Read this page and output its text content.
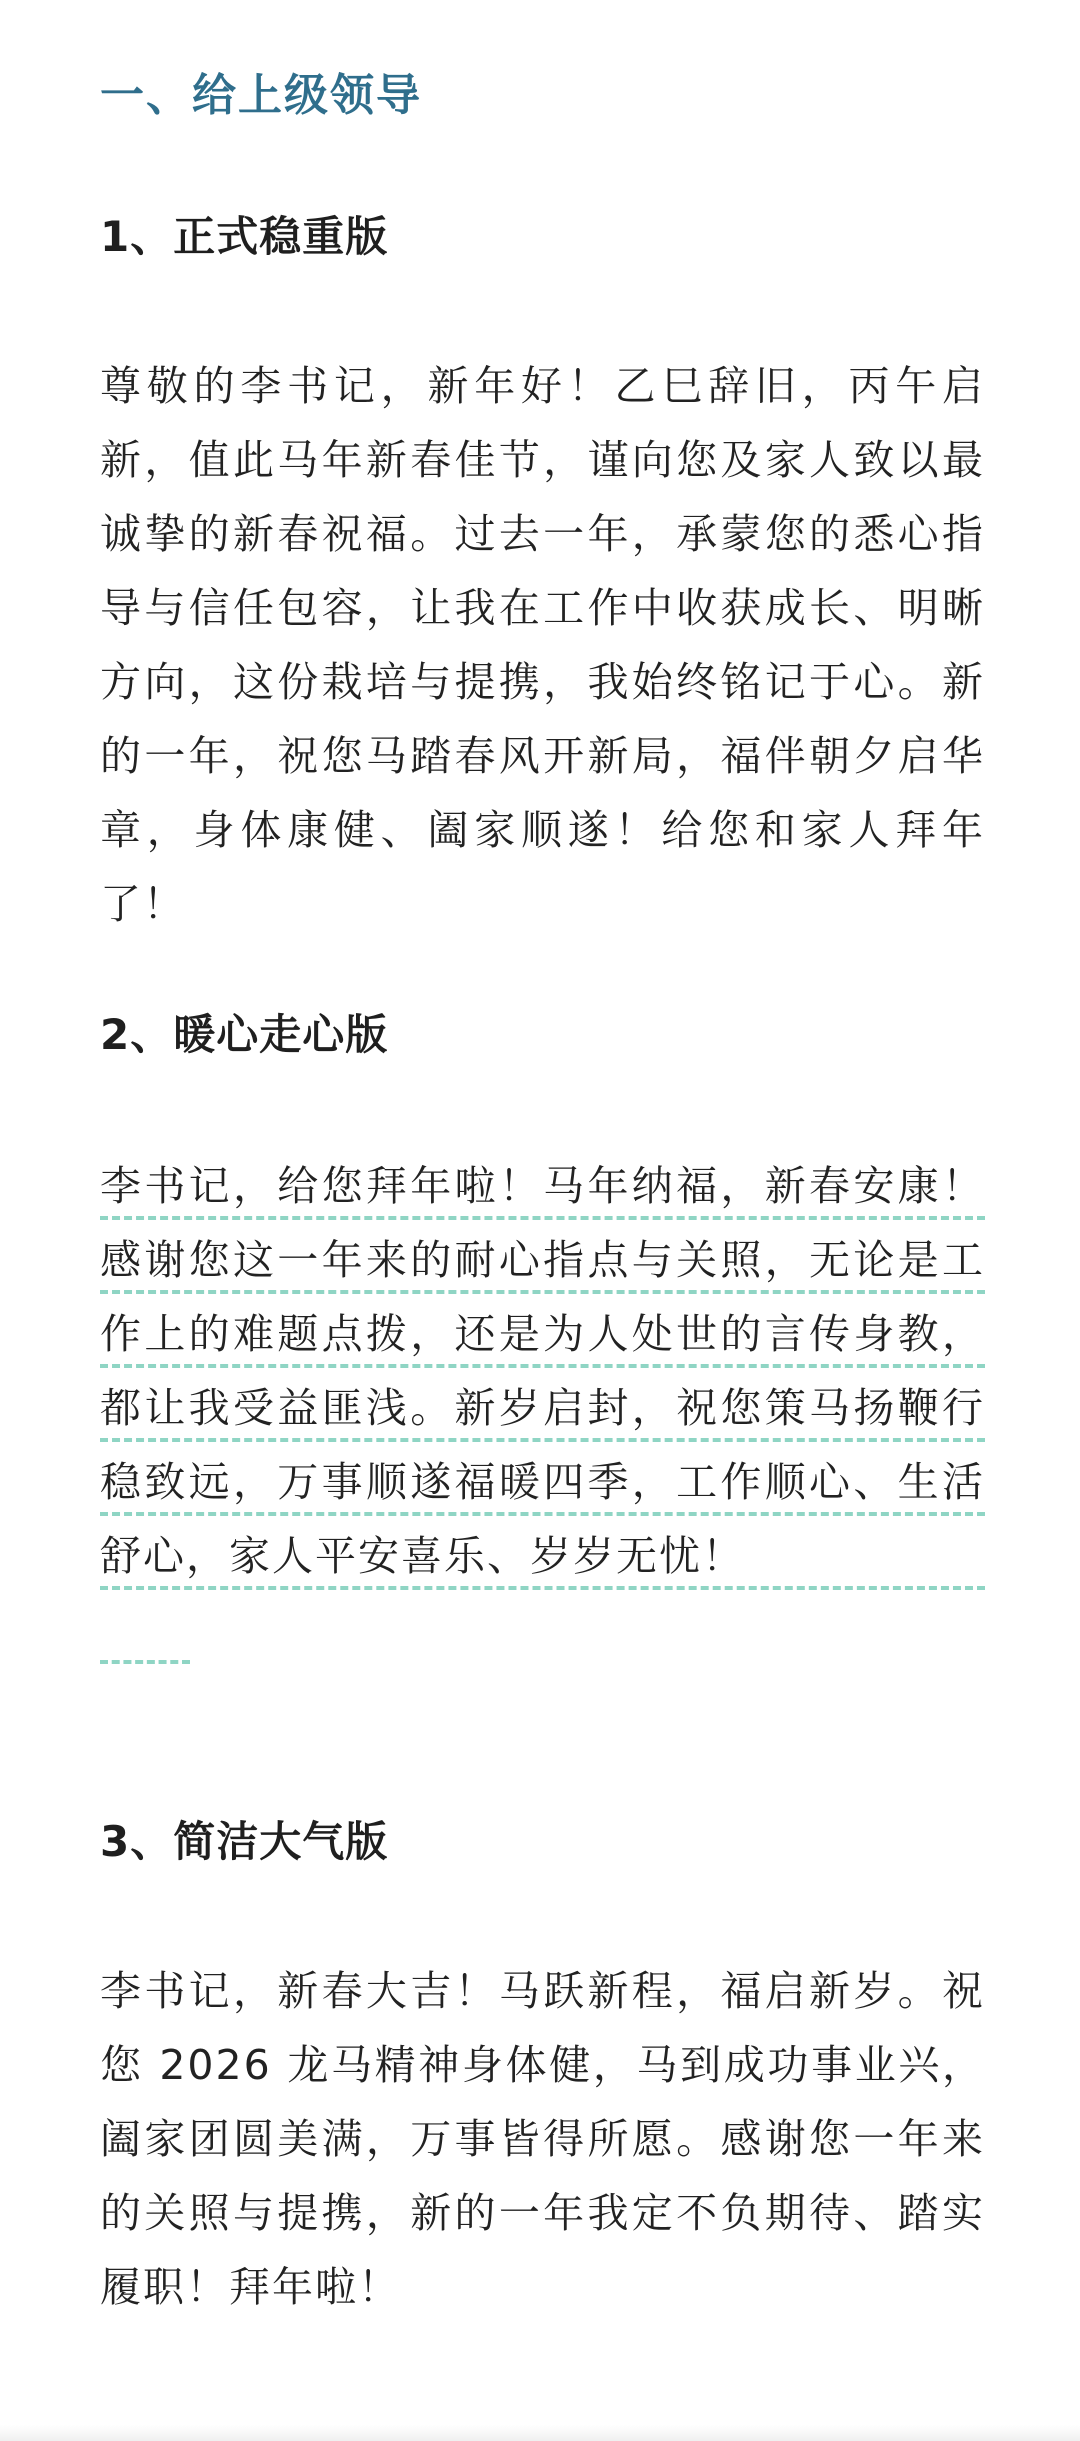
一、给上级领导
1、正式稳重版
尊敬的李书记，新年好！乙巳辞旧，丙午启新，值此马年新春佳节，谨向您及家人致以最诚挚的新春祝福。过去一年，承蒙您的悉心指导与信任包容，让我在工作中收获成长、明晰方向，这份栽培与提携，我始终铭记于心。新的一年，祝您马踏春风开新局，福伴朝夕启华章，身体康健、阖家顺遂！给您和家人拜年了！
2、暖心走心版
李书记，给您拜年啦！马年纳福，新春安康！感谢您这一年来的耐心指点与关照，无论是工作上的难题点拨，还是为人处世的言传身教，都让我受益匪浅。新岁启封，祝您策马扬鞭行稳致远，万事顺遂福暖四季，工作顺心、生活舒心，家人平安喜乐、岁岁无忧！
3、简洁大气版
李书记，新春大吉！马跃新程，福启新岁。祝您 2026 龙马精神身体健，马到成功事业兴，阖家团圆美满，万事皆得所愿。感谢您一年来的关照与提携，新的一年我定不负期待、踏实履职！拜年啦！
